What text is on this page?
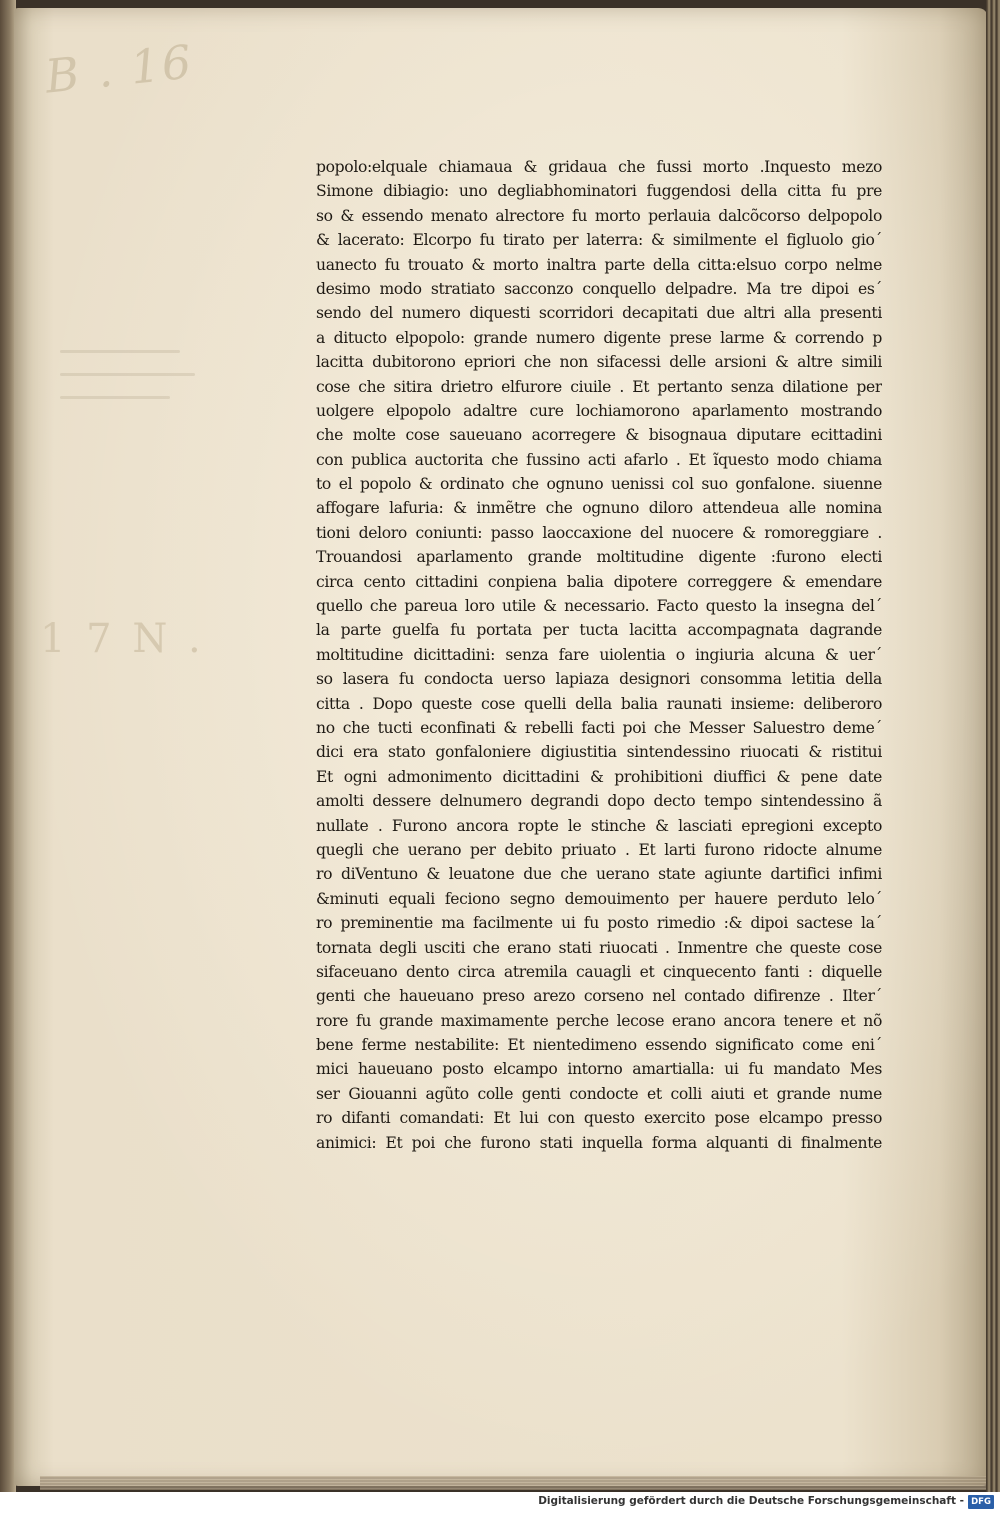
B . 16
1 7 N .
popolo:elquale chiamaua & gridaua che fussi morto .Inquesto mezo
Simone dibiagio: uno degliabhominatori fuggendosi della citta fu pre
so & essendo menato alrectore fu morto perlauia dalcõcorso delpopolo
& lacerato: Elcorpo fu tirato per laterra: & similmente el figluolo gio´
uanecto fu trouato & morto inaltra parte della citta:elsuo corpo nelme
desimo modo stratiato sacconzo conquello delpadre. Ma tre dipoi es´
sendo del numero diquesti scorridori decapitati due altri alla presenti
a ditucto elpopolo: grande numero digente prese larme & correndo p
lacitta dubitorono epriori che non sifacessi delle arsioni & altre simili
cose che sitira drietro elfurore ciuile . Et pertanto senza dilatione per
uolgere elpopolo adaltre cure lochiamorono aparlamento mostrando
che molte cose saueuano acorregere & bisognaua diputare ecittadini
con publica auctorita che fussino acti afarlo . Et ĩquesto modo chiama
to el popolo & ordinato che ognuno uenissi col suo gonfalone. siuenne
affogare lafuria: & inmẽtre che ognuno diloro attendeua alle nomina
tioni deloro coniunti: passo laoccaxione del nuocere & romoreggiare .
Trouandosi aparlamento grande moltitudine digente :furono electi
circa cento cittadini conpiena balia dipotere correggere & emendare
quello che pareua loro utile & necessario. Facto questo la insegna del´
la parte guelfa fu portata per tucta lacitta accompagnata dagrande
moltitudine dicittadini: senza fare uiolentia o ingiuria alcuna & uer´
so lasera fu condocta uerso lapiaza designori consomma letitia della
citta . Dopo queste cose quelli della balia raunati insieme: deliberoro
no che tucti econfinati & rebelli facti poi che Messer Saluestro deme´
dici era stato gonfaloniere digiustitia sintendessino riuocati & ristitui
Et ogni admonimento dicittadini & prohibitioni diuffici & pene date
amolti dessere delnumero degrandi dopo decto tempo sintendessino ã
nullate . Furono ancora ropte le stinche & lasciati epregioni excepto
quegli che uerano per debito priuato . Et larti furono ridocte alnume
ro diVentuno & leuatone due che uerano state agiunte dartifici infimi
&minuti equali feciono segno demouimento per hauere perduto lelo´
ro preminentie ma facilmente ui fu posto rimedio :& dipoi sactese la´
tornata degli usciti che erano stati riuocati . Inmentre che queste cose
sifaceuano dento circa atremila cauagli et cinquecento fanti : diquelle
genti che haueuano preso arezo corseno nel contado difirenze . Ilter´
rore fu grande maximamente perche lecose erano ancora tenere et nõ
bene ferme nestabilite: Et nientedimeno essendo significato come eni´
mici haueuano posto elcampo intorno amartialla: ui fu mandato Mes
ser Giouanni agũto colle genti condocte et colli aiuti et grande nume
ro difanti comandati: Et lui con questo exercito pose elcampo presso
animici: Et poi che furono stati inquella forma alquanti di finalmente
Digitalisierung gefördert durch die Deutsche Forschungsgemeinschaft - DFG
